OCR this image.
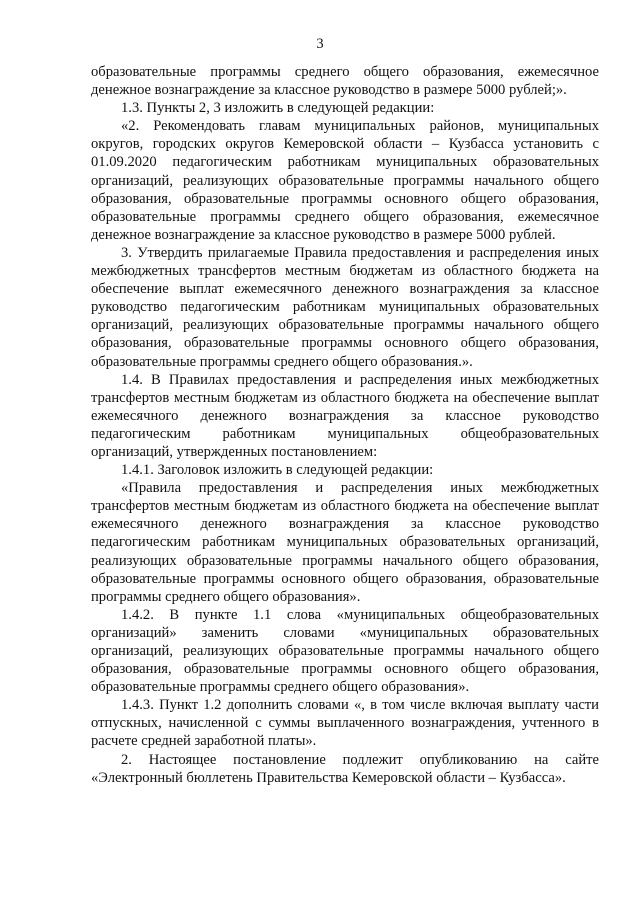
3

образовательные программы среднего общего образования, ежемесячное денежное вознаграждение за классное руководство в размере 5000 рублей;».

1.3. Пункты 2, 3 изложить в следующей редакции:

«2. Рекомендовать главам муниципальных районов, муниципальных округов, городских округов Кемеровской области – Кузбасса установить с 01.09.2020 педагогическим работникам муниципальных образовательных организаций, реализующих образовательные программы начального общего образования, образовательные программы основного общего образования, образовательные программы среднего общего образования, ежемесячное денежное вознаграждение за классное руководство в размере 5000 рублей.

3. Утвердить прилагаемые Правила предоставления и распределения иных межбюджетных трансфертов местным бюджетам из областного бюджета на обеспечение выплат ежемесячного денежного вознаграждения за классное руководство педагогическим работникам муниципальных образовательных организаций, реализующих образовательные программы начального общего образования, образовательные программы основного общего образования, образовательные программы среднего общего образования.».

1.4. В Правилах предоставления и распределения иных межбюджетных трансфертов местным бюджетам из областного бюджета на обеспечение выплат ежемесячного денежного вознаграждения за классное руководство педагогическим работникам муниципальных общеобразовательных организаций, утвержденных постановлением:

1.4.1. Заголовок изложить в следующей редакции:

«Правила предоставления и распределения иных межбюджетных трансфертов местным бюджетам из областного бюджета на обеспечение выплат ежемесячного денежного вознаграждения за классное руководство педагогическим работникам муниципальных образовательных организаций, реализующих образовательные программы начального общего образования, образовательные программы основного общего образования, образовательные программы среднего общего образования».

1.4.2. В пункте 1.1 слова «муниципальных общеобразовательных организаций» заменить словами «муниципальных образовательных организаций, реализующих образовательные программы начального общего образования, образовательные программы основного общего образования, образовательные программы среднего общего образования».

1.4.3. Пункт 1.2 дополнить словами «, в том числе включая выплату части отпускных, начисленной с суммы выплаченного вознаграждения, учтенного в расчете средней заработной платы».

2. Настоящее постановление подлежит опубликованию на сайте «Электронный бюллетень Правительства Кемеровской области – Кузбасса».
